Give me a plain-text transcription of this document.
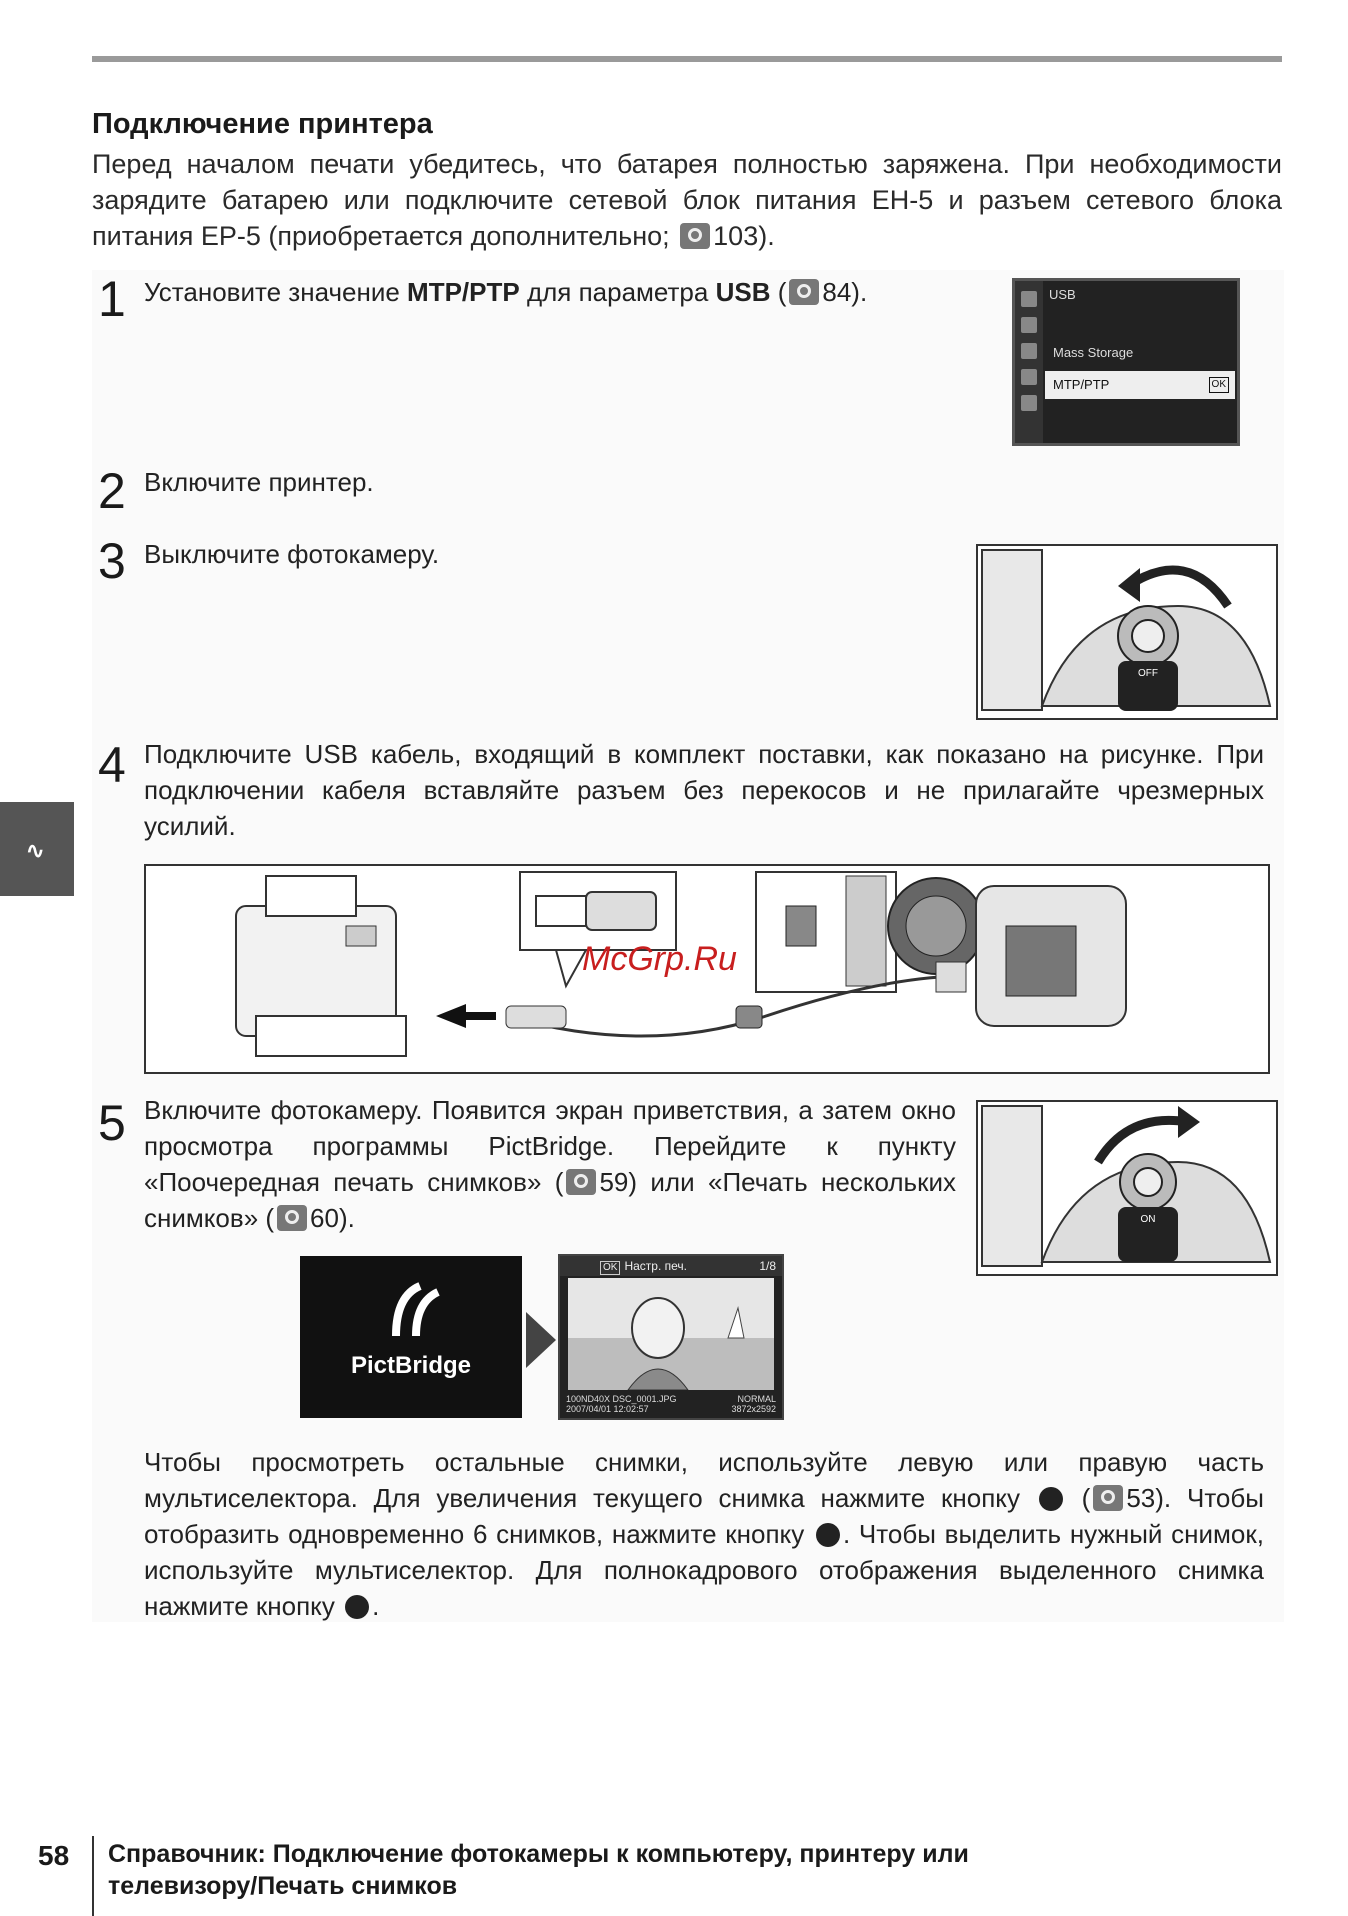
Подключение принтера
Перед началом печати убедитесь, что батарея полностью заряжена. При необходимости зарядите батарею или подключите сетевой блок питания EH-5 и разъем сетевого блока питания EP-5 (приобретается дополнительно; 103).
1 Установите значение MTP/PTP для параметра USB ( 84).	USB
Mass Storage
MTP/PTP	OK
2 Включите принтер.
3 Выключите фотокамеру.
OFF
4 Подключите USB кабель, входящий в комплект поставки, как показано на рисунке. При подключении кабеля вставляйте разъем без перекосов и не прилагайте чрезмерных усилий.
McGrp.Ru
5 Включите фотокамеру. Появится экран приветствия, а затем окно просмотра программы PictBridge. Перейдите к пункту «Поочередная печать снимков» ( 59) или «Печать нескольких снимков» ( 60).	ON
PictBridge
OK Настр. печ.	1/8
100ND40X DSC_0001.JPG
2007/04/01 12:02:57
NORMAL
3872x2592
Чтобы просмотреть остальные снимки, используйте левую или правую часть мультиселектора. Для увеличения текущего снимка нажмите кнопку  ( 53). Чтобы отобразить одновременно 6 снимков, нажмите кнопку . Чтобы выделить нужный снимок, используйте мультиселектор. Для полнокадрового отображения выделенного снимка нажмите кнопку .
∿
58 Справочник: Подключение фотокамеры к компьютеру, принтеру или
телевизору/Печать снимков
